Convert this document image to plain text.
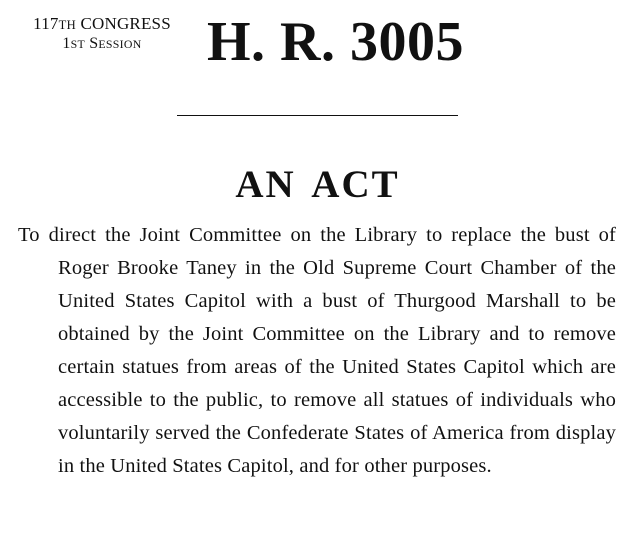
117TH CONGRESS
1ST SESSION	H. R. 3005
AN ACT

To direct the Joint Committee on the Library to replace the bust of Roger Brooke Taney in the Old Supreme Court Chamber of the United States Capitol with a bust of Thurgood Marshall to be obtained by the Joint Committee on the Library and to remove certain statues from areas of the United States Capitol which are accessible to the public, to remove all statues of individuals who voluntarily served the Confederate States of America from display in the United States Capitol, and for other purposes.
